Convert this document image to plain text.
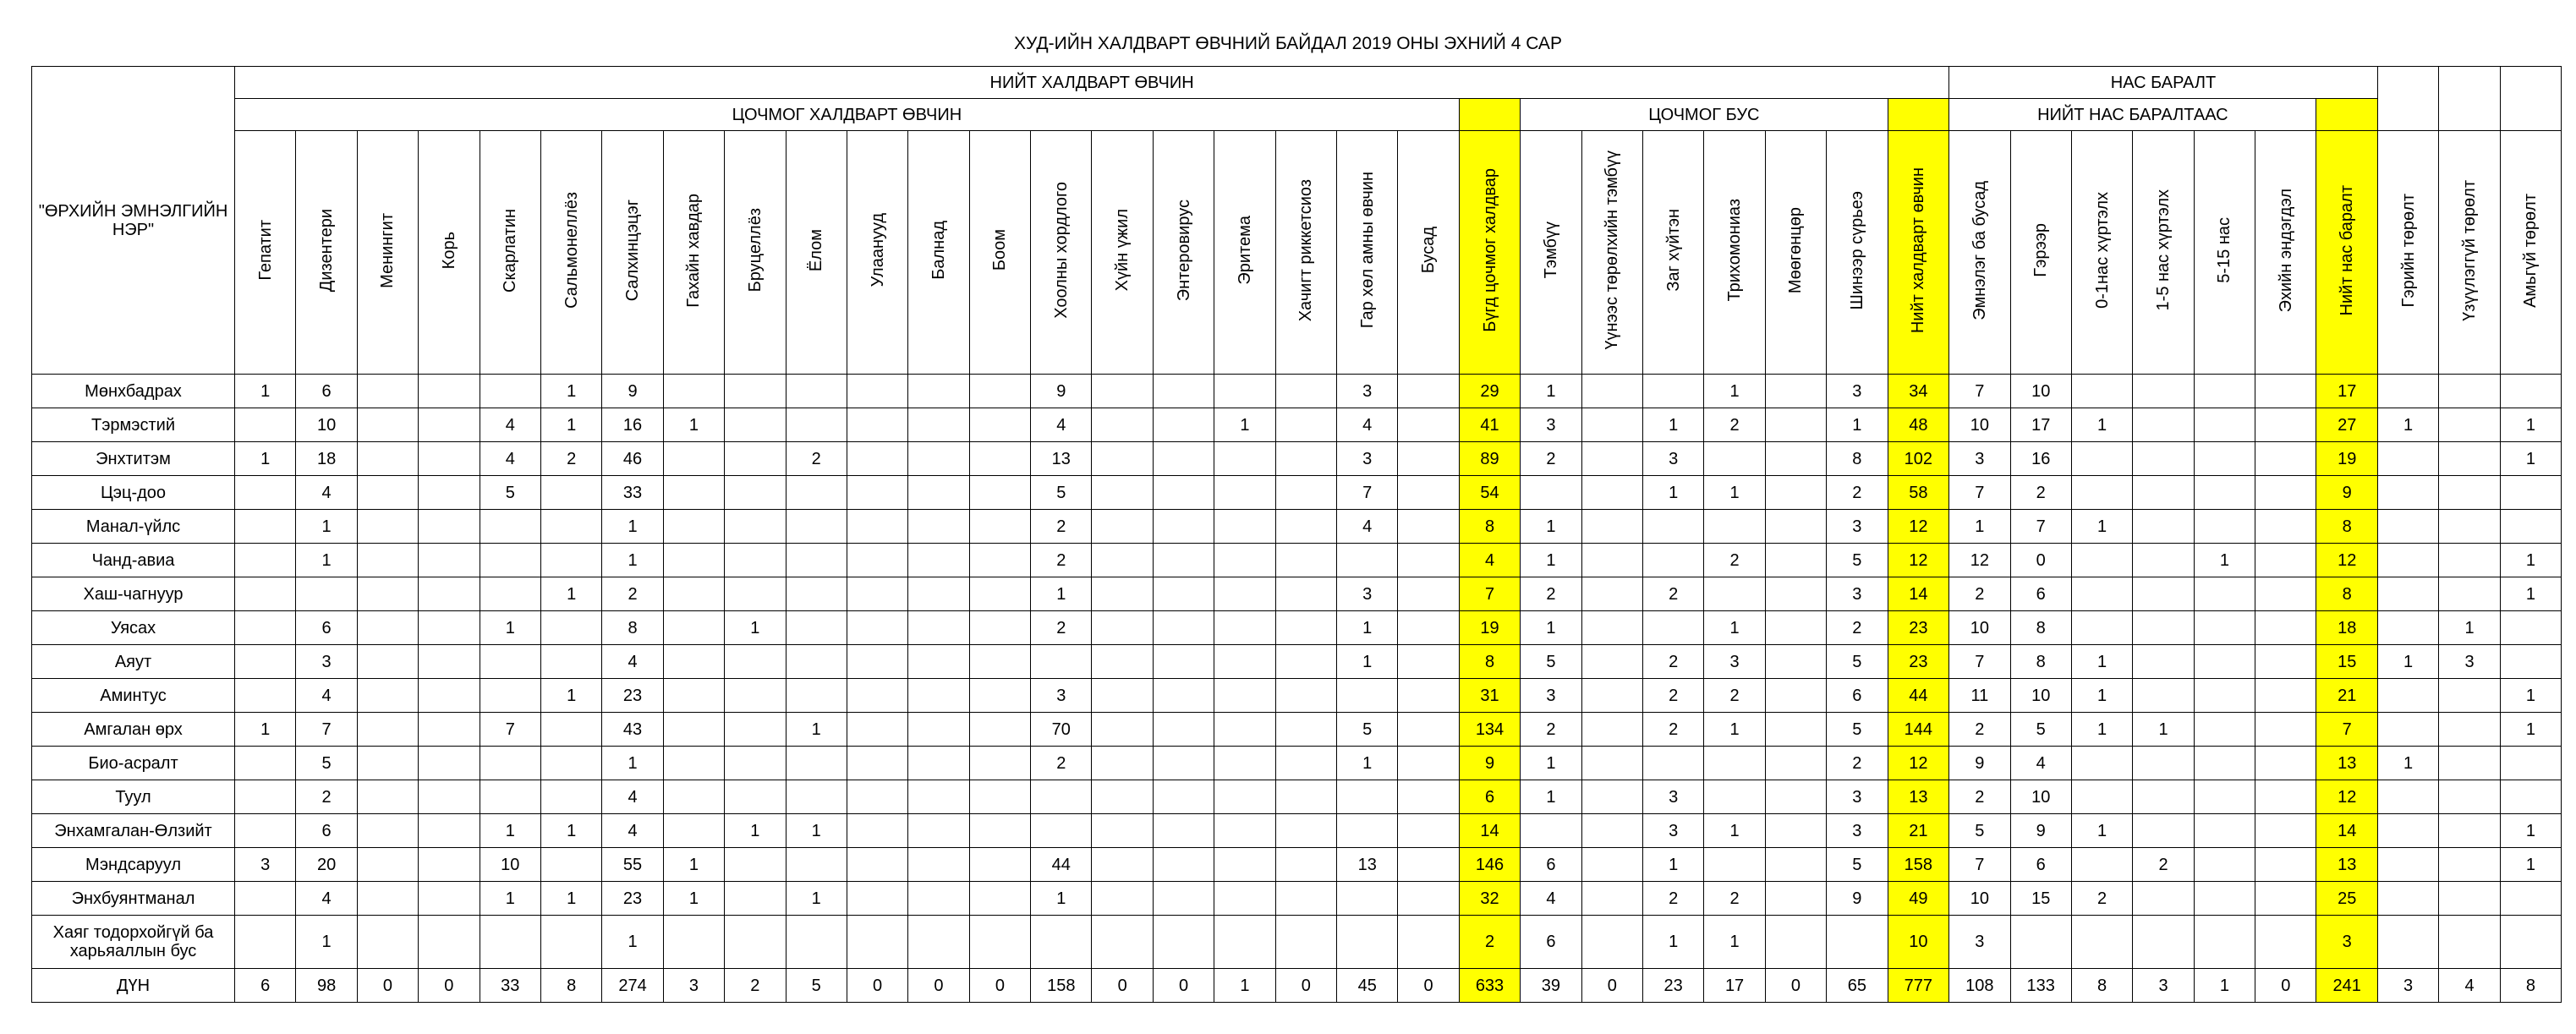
ХУД-ИЙН ХАЛДВАРТ ӨВЧНИЙ БАЙДАЛ 2019 ОНЫ ЭХНИЙ 4 САР
"ӨРХИЙН ЭМНЭЛГИЙН НЭР"	НИЙТ ХАЛДВАРТ ӨВЧИН																												НАС БАРАЛТ									
	ЦОЧМОГ ХАЛДВАРТ ӨВЧИН																					ЦОЧМОГ БУС							НИЙТ НАС БАРАЛТААС									
	Гепатит	Дизентери	Менингит	Корь	Скарлатин	Сальмонеллёз	Салхинцэцэг	Гахайн хавдар	Бруцеллёз	Ёлом	Улаанууд	Балнад	Боом	Хоолны хордлого	Хүйн үжил	Энтеровирус	Эритема	Хачигт риккетсиоз	Гар хөл амны өвчин	Бусад	Бүгд цочмог халдвар	Тэмбүү	Үүнээс төрөлхийн тэмбүү	Заг хүйтэн	Трихомониаз	Мөөгөнцөр	Шинээр сүрьеэ	Нийт халдварт өвчин	Эмнэлэг ба бусад	Гэрээр	0-1нас хүртэлх	1-5 нас хүртэлх	5-15 нас	Эхийн эндэгдэл	Нийт нас баралт	Гэрийн төрөлт	Үзүүлэггүй төрөлт	Амьгүй төрөлт
Мөнхбадрах	1	6				1	9							9					3		29	1			1		3	34	7	10					17			
Тэрмэстий		10			4	1	16	1						4			1		4		41	3		1	2		1	48	10	17	1				27	1		1
Энхтитэм	1	18			4	2	46			2				13					3		89	2		3			8	102	3	16					19			1
Цэц-доо		4			5		33							5					7		54			1	1		2	58	7	2					9			
Манал-үйлс		1					1							2					4		8	1					3	12	1	7	1				8			
Чанд-авиа		1					1							2							4	1			2		5	12	12	0			1		12			1
Хаш-чагнуур						1	2							1					3		7	2		2			3	14	2	6					8			1
Уясах		6			1		8		1					2					1		19	1			1		2	23	10	8					18		1	
Аяут		3					4												1		8	5		2	3		5	23	7	8	1				15	1	3	
Аминтус		4				1	23							3							31	3		2	2		6	44	11	10	1				21			1
Амгалан өрх	1	7			7		43			1				70					5		134	2		2	1		5	144	2	5	1	1			7			1
Био-асралт		5					1							2					1		9	1					2	12	9	4					13	1		
Туул		2					4														6	1		3			3	13	2	10					12			
Энхамгалан-Өлзийт		6			1	1	4		1	1											14			3	1		3	21	5	9	1				14			1
Мэндсаруул	3	20			10		55	1						44					13		146	6		1			5	158	7	6		2			13			1
Энхбуянтманал		4			1	1	23	1		1				1							32	4		2	2		9	49	10	15	2				25			
Хаяг тодорхойгүй ба харьяаллын бус		1					1														2	6		1	1			10	3						3			
ДҮН	6	98	0	0	33	8	274	3	2	5	0	0	0	158	0	0	1	0	45	0	633	39	0	23	17	0	65	777	108	133	8	3	1	0	241	3	4	8
